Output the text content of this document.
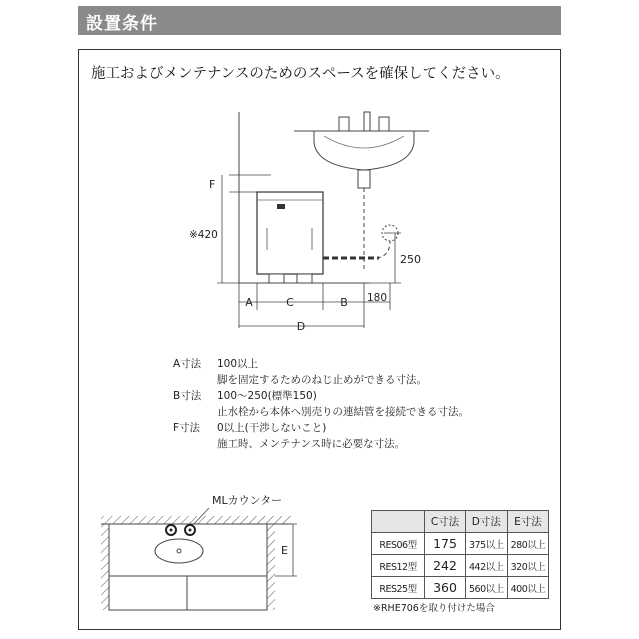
設置条件
施工およびメンテナンスのためのスペースを確保してください。
F
※420
250
A	C	B 180
D
A寸法 100以上
脚を固定するためのねじ止めができる寸法。
B寸法 100～250(標準150)
止水栓から本体へ別売りの連結管を接続できる寸法。
F寸法 0以上(干渉しないこと)
施工時、メンテナンス時に必要な寸法。
MLカウンター
E
	C寸法	D寸法	E寸法
RES06型	175	375以上	280以上
RES12型	242	442以上	320以上
RES25型	360	560以上	400以上
※RHE706を取り付けた場合
